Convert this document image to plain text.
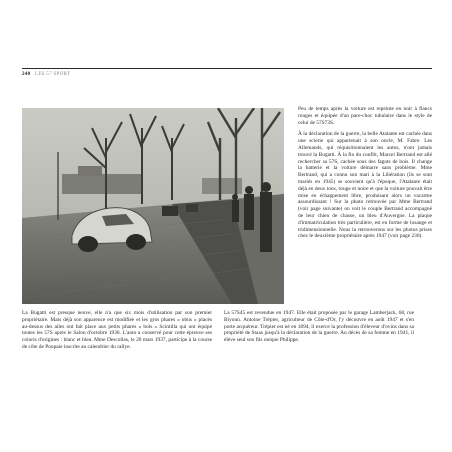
240 LES 57 SPORT

Peu de temps après la voiture est repeinte en noir à flancs rouges et équipée d'un pare-choc tubulaire dans le style de celui de 57S73S.

À la déclaration de la guerre, la belle Atalante est cachée dans une scierie qui appartenait à son oncle, M. Fabre. Les Allemands, qui réquisitionnaient les autos, n'ont jamais trouvé la Bugatti. À la fin du conflit, Marcel Bertrand est allé rechercher sa 57S, cachée sous des fagots de bois. Il change la batterie et la voiture démarre sans problème. Mme Bertrand, qui a connu son mari à la Libération (ils se sont mariés en 1945) se souvient qu'à l'époque, l'Atalante était déjà en deux tons, rouge et noire et que la voiture pouvait être mise en échappement libre, produisant alors un vacarme assourdissant ! Sur la photo retrouvée par Mme Bertrand (voir page suivante) on voit le couple Bertrand accompagné de leur chien de chasse, un bleu d'Auvergne. La plaque d'immatriculation très particulière, est en forme de losange et tridimensionnelle. Nous la retrouverons sur les photos prises chez le deuxième propriétaire après 1947 (voir page 236).

La Bugatti est presque neuve, elle n'a que six mois d'utilisation par son premier propriétaire. Mais déjà son apparence est modifiée et les gros phares « obus » placés au-dessus des ailes ont fait place aux petits phares « bols » Scintilla qui ont équipé toutes les 57S après le Salon d'octobre 1936. L'auto a conservé pour cette épreuve ses coloris d'origines : blanc et bleu. Mme Descollas, le 20 mars 1937, participe à la course de côte de Poupaie inscrite au calendrier du rallye.

La 57S45 est revendue en 1947. Elle était proposée par le garage Lamberjack, 68, rue Biyonn. Antoine Trépier, agriculteur de Côte-d'Or, l'y découvre en août 1947 et s'en porte acquéreur. Trépier est né en 1894, il exerce la profession d'éleveur d'ovins dans sa propriété de Staas jusqu'à la déclaration de la guerre. Au décès de sa femme en 1941, il élève seul son fils unique Philippe.
